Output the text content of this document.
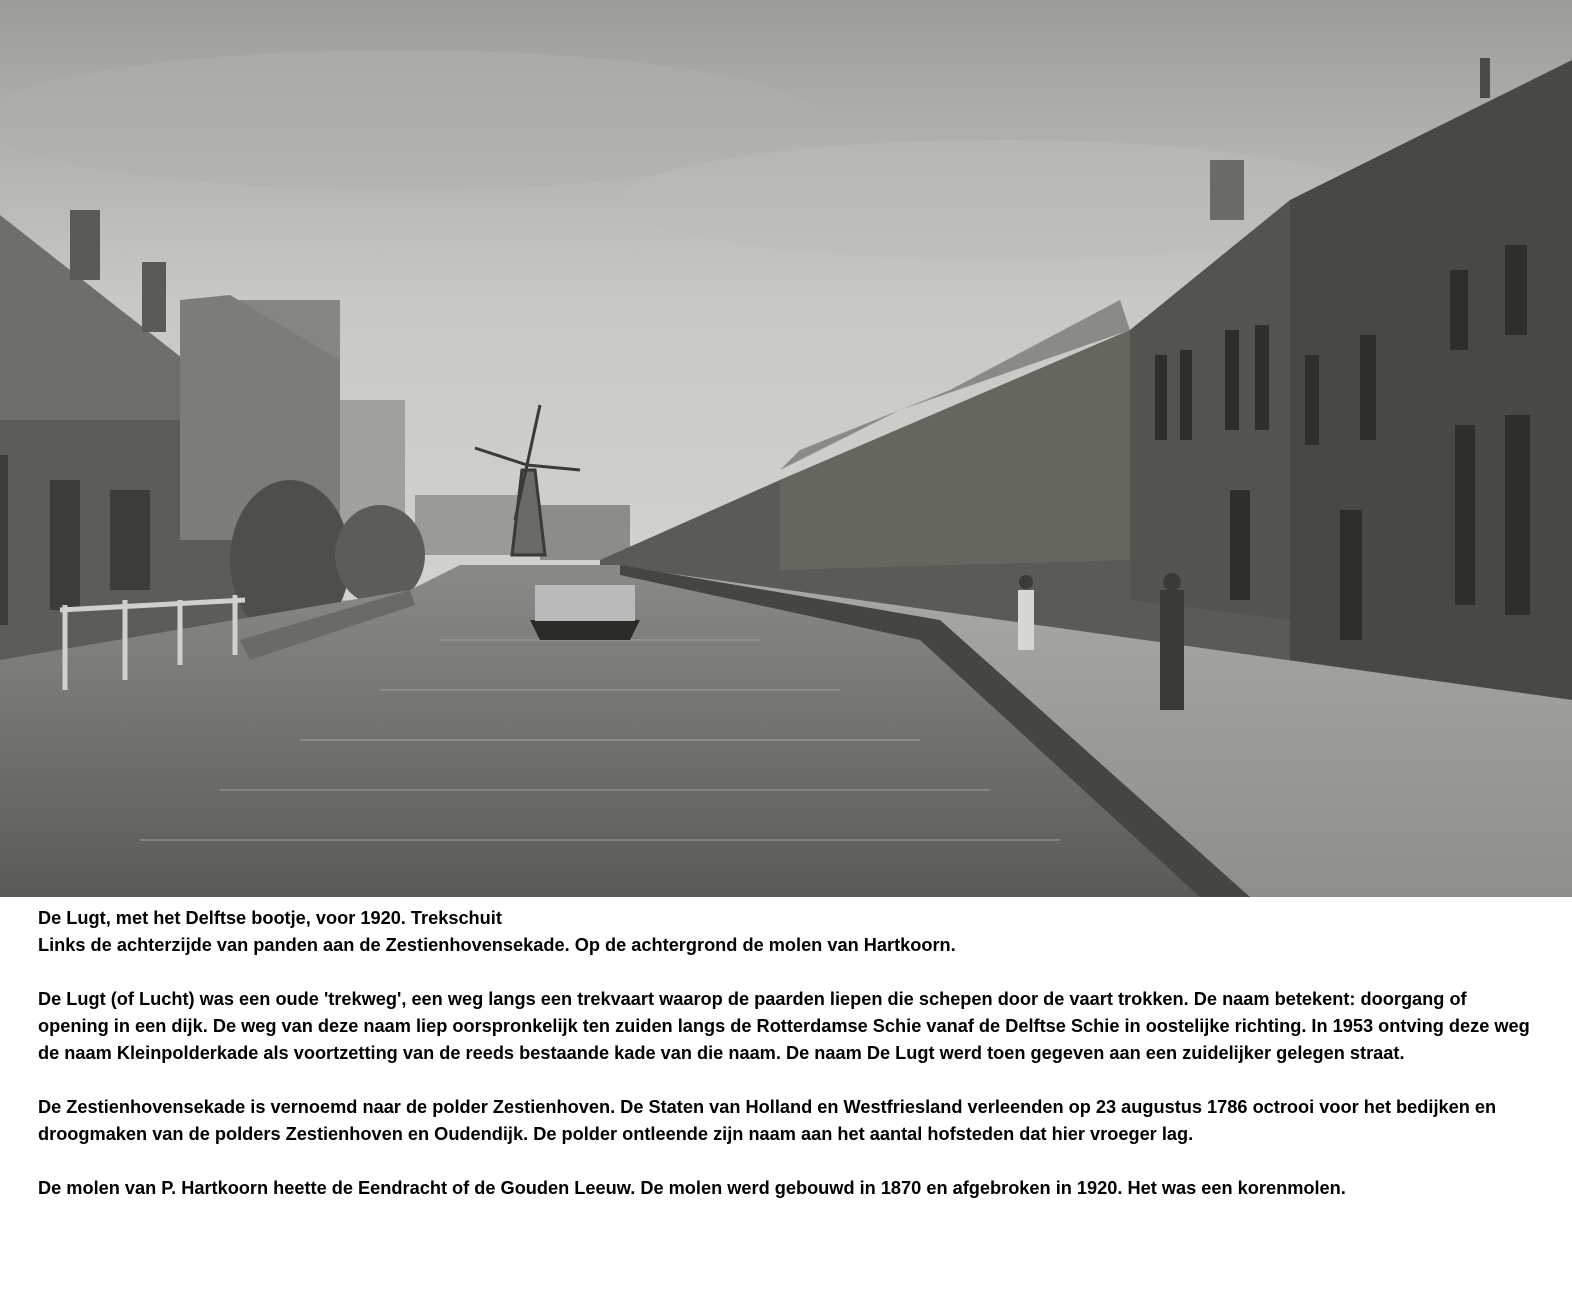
De Lugt, met het Delftse bootje, voor 1920. Trekschuit

Links de achterzijde van panden aan de Zestienhovensekade. Op de achtergrond de molen van Hartkoorn.

De Lugt (of Lucht) was een oude 'trekweg', een weg langs een trekvaart waarop de paarden liepen die schepen door de vaart trokken. De naam betekent: doorgang of opening in een dijk. De weg van deze naam liep oorspronkelijk ten zuiden langs de Rotterdamse Schie vanaf de Delftse Schie in oostelijke richting. In 1953 ontving deze weg de naam Kleinpolderkade als voortzetting van de reeds bestaande kade van die naam. De naam De Lugt werd toen gegeven aan een zuidelijker gelegen straat.

De Zestienhovensekade is vernoemd naar de polder Zestienhoven. De Staten van Holland en Westfriesland verleenden op 23 augustus 1786 octrooi voor het bedijken en droogmaken van de polders Zestienhoven en Oudendijk. De polder ontleende zijn naam aan het aantal hofsteden dat hier vroeger lag.

De molen van P. Hartkoorn heette de Eendracht of de Gouden Leeuw. De molen werd gebouwd in 1870 en afgebroken in 1920. Het was een korenmolen.
